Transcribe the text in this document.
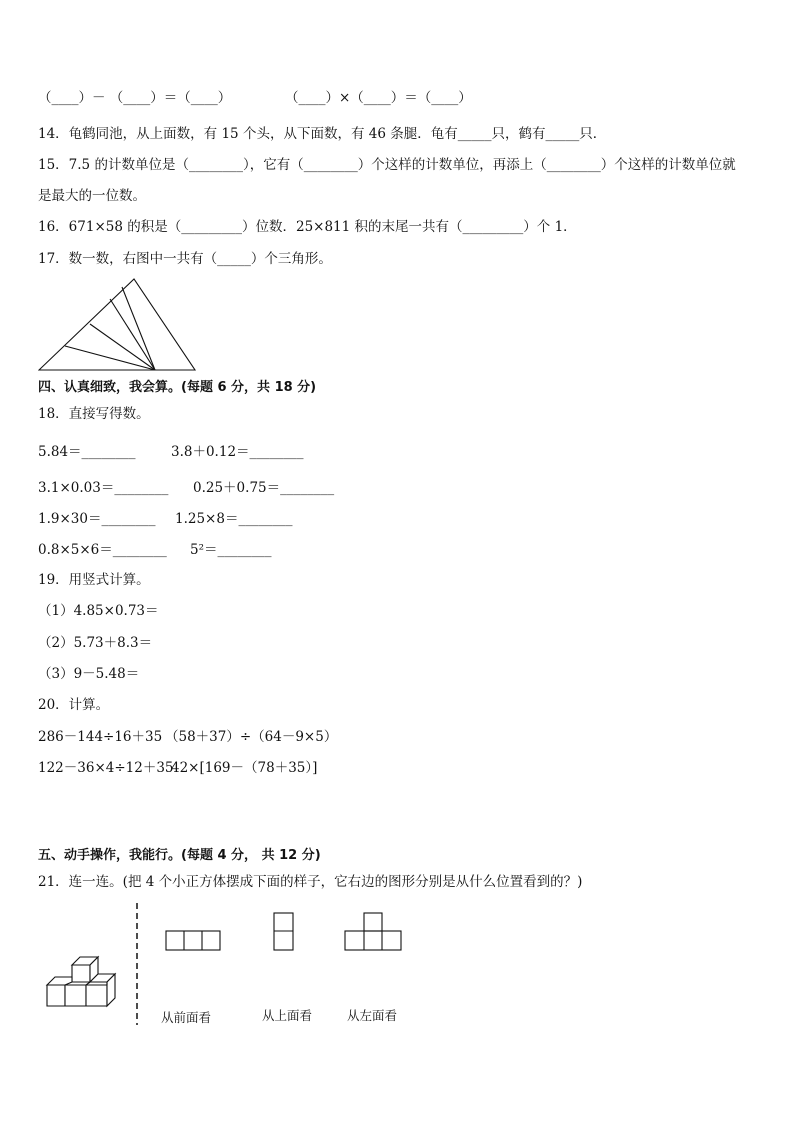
（____）－ （____）＝（____）	（____）×（____）＝（____）
14．龟鹤同池，从上面数，有 15 个头，从下面数，有 46 条腿．龟有_____只，鹤有_____只．
15．7.5 的计数单位是（________），它有（________）个这样的计数单位，再添上（________）个这样的计数单位就
是最大的一位数。
16．671×58 的积是（_________）位数．25×811 积的末尾一共有（_________）个 1．
17．数一数，右图中一共有（_____）个三角形。
四、认真细致，我会算。(每题 6 分，共 18 分)
18．直接写得数。
5.84＝________	3.8＋0.12＝________
3.1×0.03＝________ 0.25＋0.75＝________
1.9×30＝________ 1.25×8＝________
0.8×5×6＝________ 5²＝________
19．用竖式计算。
（1）4.85×0.73＝
（2）5.73＋8.3＝
（3）9－5.48＝
20．计算。
286－144÷16＋35 （58＋37）÷（64－9×5）
122－36×4÷12＋35
42×[169－（78＋35）]
五、动手操作，我能行。(每题 4 分， 共 12 分)
21．连一连。(把 4 个小正方体摆成下面的样子，它右边的图形分别是从什么位置看到的？)
从前面看	从上面看	从左面看
